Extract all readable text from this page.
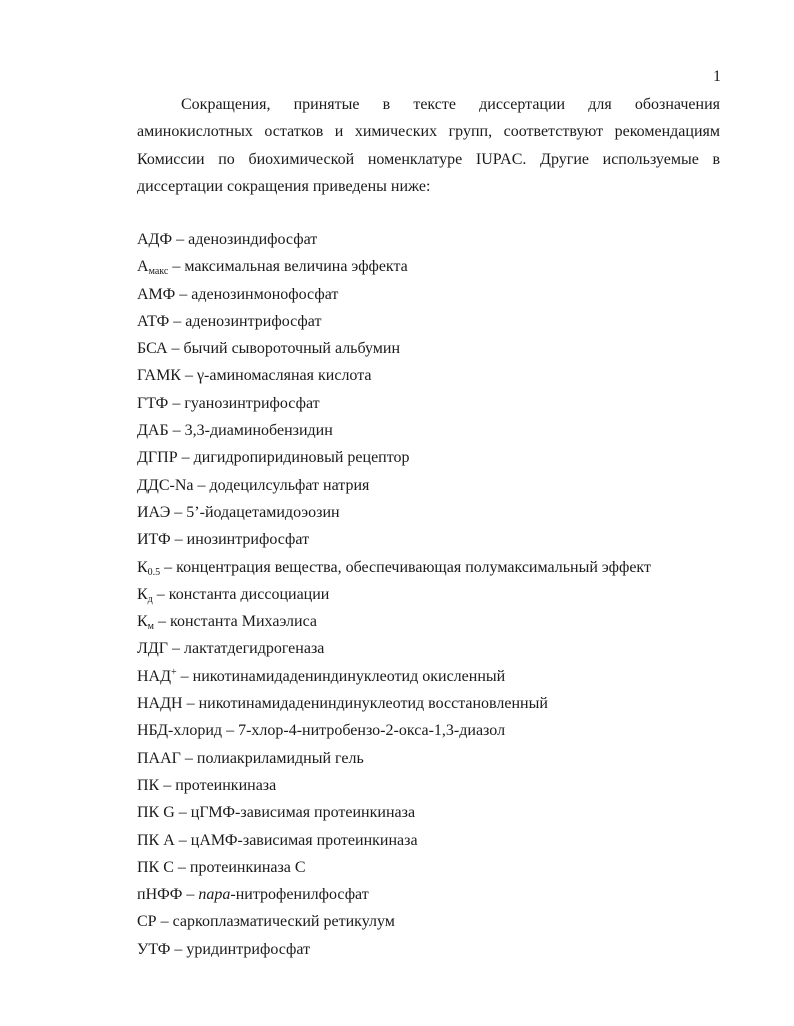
1

Сокращения, принятые в тексте диссертации для обозначения аминокислотных остатков и химических групп, соответствуют рекомендациям Комиссии по биохимической номенклатуре IUPAC. Другие используемые в диссертации сокращения приведены ниже:

АДФ – аденозиндифосфат
$А_{макс}$ – максимальная величина эффекта
АМФ – аденозинмонофосфат
АТФ – аденозинтрифосфат
БСА – бычий сывороточный альбумин
ГАМК – γ-аминомасляная кислота
ГТФ – гуанозинтрифосфат
ДАБ – 3,3-диаминобензидин
ДГПР – дигидропиридиновый рецептор
ДДС-Na – додецилсульфат натрия
ИАЭ – 5’-йодацетамидоэозин
ИТФ – инозинтрифосфат
$К_{0.5}$ – концентрация вещества, обеспечивающая полумаксимальный эффект
$К_д$ – константа диссоциации
$К_м$ – константа Михаэлиса
ЛДГ – лактатдегидрогеназа
НАД+ – никотинамидадениндинуклеотид окисленный
НАДН – никотинамидадениндинуклеотид восстановленный
НБД-хлорид – 7-хлор-4-нитробензо-2-окса-1,3-диазол
ПААГ – полиакриламидный гель
ПК – протеинкиназа
ПК G – цГМФ-зависимая протеинкиназа
ПК А – цАМФ-зависимая протеинкиназа
ПК С – протеинкиназа С
пНФФ – пара-нитрофенилфосфат
СР – саркоплазматический ретикулум
УТФ – уридинтрифосфат
